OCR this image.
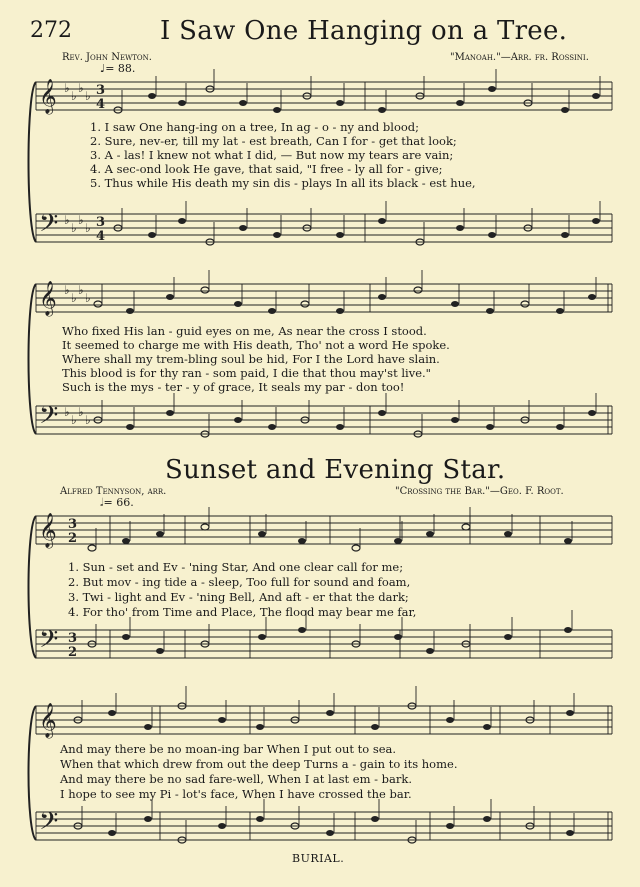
272	I Saw One Hanging on a Tree.
Rev. John Newton.	"Manoah."—Arr. fr. Rossini.
♩= 88.
1. I saw One hang-ing on a tree, In ag - o - ny and blood;
2. Sure, nev-er, till my lat - est breath, Can I for - get that look;
3. A - las! I knew not what I did, — But now my tears are vain;
4. A sec-ond look He gave, that said, "I free - ly all for - give;
5. Thus while His death my sin dis - plays In all its black - est hue,
Who fixed His lan - guid eyes on me, As near the cross I stood.
It seemed to charge me with His death, Tho' not a word He spoke.
Where shall my trem-bling soul be hid, For I the Lord have slain.
This blood is for thy ran - som paid, I die that thou may'st live."
Such is the mys - ter - y of grace, It seals my par - don too!
Sunset and Evening Star.
Alfred Tennyson, arr.	"Crossing the Bar."—Geo. F. Root.
𝅗𝅥= 66.
1. Sun - set and Ev - 'ning Star, And one clear call for me;
2. But mov - ing tide a - sleep, Too full for sound and foam,
3. Twi - light and Ev - 'ning Bell, And aft - er that the dark;
4. For tho' from Time and Place, The flood may bear me far,
And may there be no moan-ing bar When I put out to sea.
When that which drew from out the deep Turns a - gain to its home.
And may there be no sad fare-well, When I at last em - bark.
I hope to see my Pi - lot's face, When I have crossed the bar.
BURIAL.
𝄞 ♭
♭
♭
♭ 3
4
𝄢 ♭
♭
♭
♭ 3
4
𝄞 ♭
♭
♭
♭
𝄢 ♭
♭
♭
♭
𝄞 3
2
𝄢 3
2
𝄞
𝄢
